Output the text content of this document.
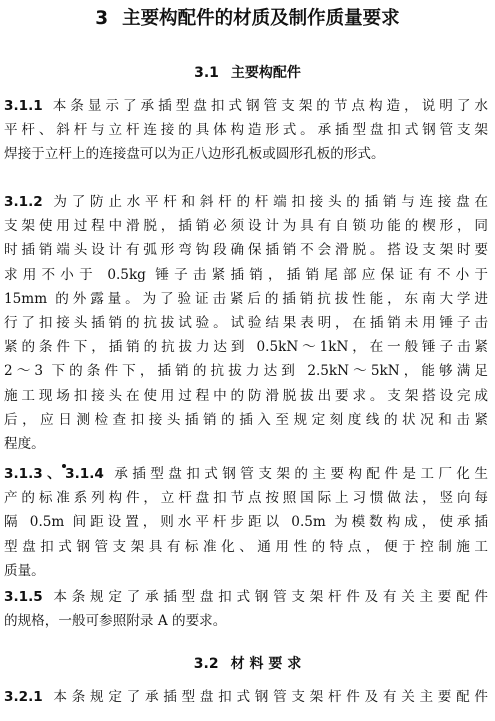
3 主要构配件的材质及制作质量要求
3.1 主要构配件
3.1.1 本条显示了承插型盘扣式钢管支架的节点构造，说明了水
平杆、斜杆与立杆连接的具体构造形式。承插型盘扣式钢管支架
焊接于立杆上的连接盘可以为正八边形孔板或圆形孔板的形式。
3.1.2 为了防止水平杆和斜杆的杆端扣接头的插销与连接盘在
支架使用过程中滑脱，插销必须设计为具有自锁功能的楔形，同
时插销端头设计有弧形弯钩段确保插销不会滑脱。搭设支架时要
求用不小于 0.5kg 锤子击紧插销，插销尾部应保证有不小于
15mm 的外露量。为了验证击紧后的插销抗拔性能，东南大学进
行了扣接头插销的抗拔试验。试验结果表明，在插销未用锤子击
紧的条件下，插销的抗拔力达到 0.5kN～1kN，在一般锤子击紧
2～3 下的条件下，插销的抗拔力达到 2.5kN～5kN，能够满足
施工现场扣接头在使用过程中的防滑脱拔出要求。支架搭设完成
后，应日测检查扣接头插销的插入至规定刻度线的状况和击紧
程度。
3.1.3、3.1.4 承插型盘扣式钢管支架的主要构配件是工厂化生
产的标准系列构件，立杆盘扣节点按照国际上习惯做法，竖向每
隔 0.5m 间距设置，则水平杆步距以 0.5m 为模数构成，使承插
型盘扣式钢管支架具有标准化、通用性的特点，便于控制施工
质量。
3.1.5 本条规定了承插型盘扣式钢管支架杆件及有关主要配件
的规格，一般可参照附录 A 的要求。
3.2 材 料 要 求
3.2.1 本条规定了承插型盘扣式钢管支架杆件及有关主要配件
